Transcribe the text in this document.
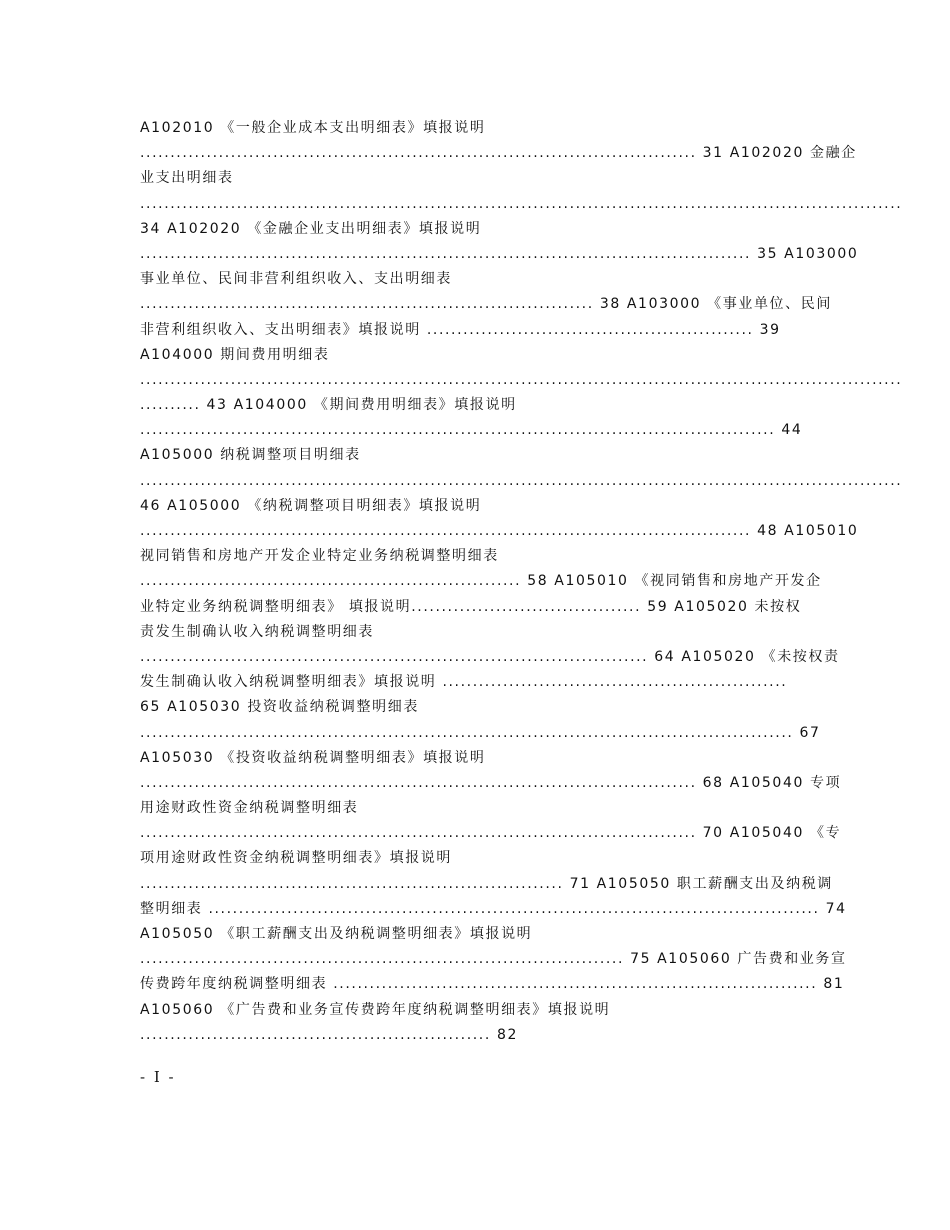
A102010 《一般企业成本支出明细表》填报说明
............................................................................................ 31 A102020 金融企
业支出明细表
..............................................................................................................................
34 A102020 《金融企业支出明细表》填报说明
..................................................................................................... 35 A103000
事业单位、民间非营利组织收入、支出明细表
........................................................................... 38 A103000 《事业单位、民间
非营利组织收入、支出明细表》填报说明 ...................................................... 39
A104000 期间费用明细表
..............................................................................................................................
.......... 43 A104000 《期间费用明细表》填报说明
......................................................................................................... 44
A105000 纳税调整项目明细表
..............................................................................................................................
46 A105000 《纳税调整项目明细表》填报说明
..................................................................................................... 48 A105010
视同销售和房地产开发企业特定业务纳税调整明细表
............................................................... 58 A105010 《视同销售和房地产开发企
业特定业务纳税调整明细表》 填报说明...................................... 59 A105020 未按权
责发生制确认收入纳税调整明细表
.................................................................................... 64 A105020 《未按权责
发生制确认收入纳税调整明细表》填报说明 .........................................................
65 A105030 投资收益纳税调整明细表
............................................................................................................ 67
A105030 《投资收益纳税调整明细表》填报说明
............................................................................................ 68 A105040 专项
用途财政性资金纳税调整明细表
............................................................................................ 70 A105040 《专
项用途财政性资金纳税调整明细表》填报说明
...................................................................... 71 A105050 职工薪酬支出及纳税调
整明细表 ..................................................................................................... 74
A105050 《职工薪酬支出及纳税调整明细表》填报说明
................................................................................ 75 A105060 广告费和业务宣
传费跨年度纳税调整明细表 ................................................................................ 81
A105060 《广告费和业务宣传费跨年度纳税调整明细表》填报说明
.......................................................... 82
- I -
